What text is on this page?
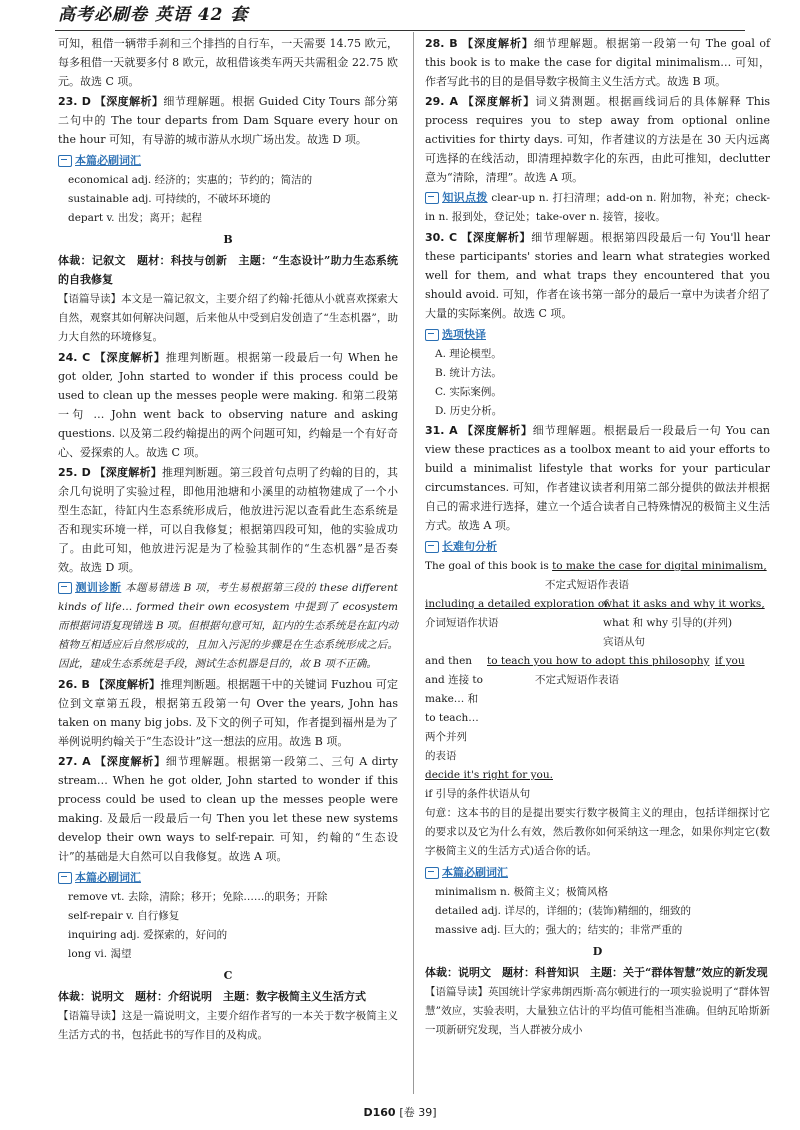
高考必刷卷 英语 42 套

可知，租借一辆带手刹和三个排挡的自行车，一天需要 14.75 欧元，每多租借一天就要多付 8 欧元，故租借该类车两天共需租金 22.75 欧元。故选 C 项。

23. D 【深度解析】细节理解题。根据 Guided City Tours 部分第二句中的 The tour departs from Dam Square every hour on the hour 可知，有导游的城市游从水坝广场出发。故选 D 项。

本篇必刷词汇

economical adj. 经济的；实惠的；节约的；简洁的

sustainable adj. 可持续的，不破坏环境的

depart v. 出发；离开；起程

B

体裁：记叙文　题材：科技与创新　主题：“生态设计”助力生态系统的自我修复

【语篇导读】本文是一篇记叙文，主要介绍了约翰·托德从小就喜欢探索大自然，观察其如何解决问题，后来他从中受到启发创造了“生态机器”，助力大自然的环境修复。

24. C 【深度解析】推理判断题。根据第一段最后一句 When he got older, John started to wonder if this process could be used to clean up the messes people were making. 和第二段第一句 … John went back to observing nature and asking questions. 以及第二段约翰提出的两个问题可知，约翰是一个有好奇心、爱探索的人。故选 C 项。

25. D 【深度解析】推理判断题。第三段首句点明了约翰的目的，其余几句说明了实验过程，即他用池塘和小溪里的动植物建成了一个小型生态缸，待缸内生态系统形成后，他放进污泥以查看此生态系统是否和现实环境一样，可以自我修复；根据第四段可知，他的实验成功了。由此可知，他放进污泥是为了检验其制作的“生态机器”是否奏效。故选 D 项。

测训诊断 本题易错选 B 项，考生易根据第三段的 these different kinds of life… formed their own ecosystem 中提到了 ecosystem 而根据词语复现错选 B 项。但根据句意可知，缸内的生态系统是在缸内动植物互相适应后自然形成的，且加入污泥的步骤是在生态系统形成之后。因此，建成生态系统是手段，测试生态机器是目的，故 B 项不正确。

26. B 【深度解析】推理判断题。根据题干中的关键词 Fuzhou 可定位到文章第五段，根据第五段第一句 Over the years, John has taken on many big jobs. 及下文的例子可知，作者提到福州是为了举例说明约翰关于“生态设计”这一想法的应用。故选 B 项。

27. A 【深度解析】细节理解题。根据第一段第二、三句 A dirty stream… When he got older, John started to wonder if this process could be used to clean up the messes people were making. 及最后一段最后一句 Then you let these new systems develop their own ways to self-repair. 可知，约翰的“生态设计”的基础是大自然可以自我修复。故选 A 项。

本篇必刷词汇

remove vt. 去除，清除；移开；免除……的职务；开除

self-repair v. 自行修复

inquiring adj. 爱探索的，好问的

long vi. 渴望

C

体裁：说明文　题材：介绍说明　主题：数字极简主义生活方式

【语篇导读】这是一篇说明文，主要介绍作者写的一本关于数字极简主义生活方式的书，包括此书的写作目的及构成。

28. B 【深度解析】细节理解题。根据第一段第一句 The goal of this book is to make the case for digital minimalism… 可知，作者写此书的目的是倡导数字极简主义生活方式。故选 B 项。

29. A 【深度解析】词义猜测题。根据画线词后的具体解释 This process requires you to step away from optional online activities for thirty days. 可知，作者建议的方法是在 30 天内远离可选择的在线活动，即清理掉数字化的东西，由此可推知，declutter 意为“清除，清理”。故选 A 项。

知识点拨 clear-up n. 打扫清理；add-on n. 附加物，补充；check-in n. 报到处，登记处；take-over n. 接管，接收。

30. C 【深度解析】细节理解题。根据第四段最后一句 You'll hear these participants' stories and learn what strategies worked well for them, and what traps they encountered that you should avoid. 可知，作者在该书第一部分的最后一章中为读者介绍了大量的实际案例。故选 C 项。

选项快译

A. 理论模型。

B. 统计方法。

C. 实际案例。

D. 历史分析。

31. A 【深度解析】细节理解题。根据最后一段最后一句 You can view these practices as a toolbox meant to aid your efforts to build a minimalist lifestyle that works for your particular circumstances. 可知，作者建议读者利用第二部分提供的做法并根据自己的需求进行选择，建立一个适合读者自己特殊情况的极简主义生活方式。故选 A 项。

长难句分析
The goal of this book is to make the case for digital minimalism,
不定式短语作表语
including a detailed exploration of
what it asks and why it works,
介词短语作状语	what 和 why 引导的(并列)
宾语从句
and then to teach you how to adopt this philosophy if you
and 连接 to	不定式短语作表语
make… 和
to teach…
两个并列
的表语
decide it's right for you.
if 引导的条件状语从句

句意：这本书的目的是提出要实行数字极简主义的理由，包括详细探讨它的要求以及它为什么有效，然后教你如何采纳这一理念，如果你判定它(数字极简主义的生活方式)适合你的话。

本篇必刷词汇

minimalism n. 极简主义；极简风格

detailed adj. 详尽的，详细的；(装饰)精细的，细致的

massive adj. 巨大的；强大的；结实的；非常严重的

D

体裁：说明文　题材：科普知识　主题：关于“群体智慧”效应的新发现

【语篇导读】英国统计学家弗朗西斯·高尔顿进行的一项实验说明了“群体智慧”效应，实验表明，大量独立估计的平均值可能相当准确。但纳瓦哈斯新一项新研究发现，当人群被分成小

D160 [卷 39]
